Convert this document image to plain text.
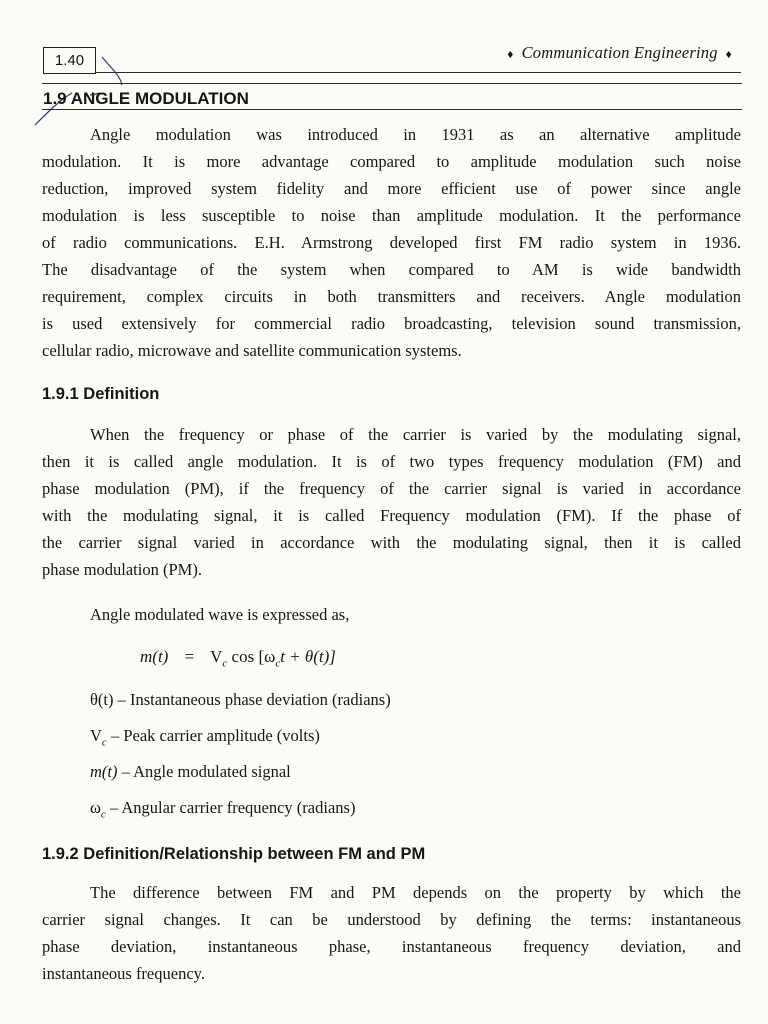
1.40	♦ Communication Engineering ♦
1.9 ANGLE MODULATION
Angle modulation was introduced in 1931 as an alternative amplitude
modulation. It is more advantage compared to amplitude modulation such noise
reduction, improved system fidelity and more efficient use of power since angle
modulation is less susceptible to noise than amplitude modulation. It the performance
of radio communications. E.H. Armstrong developed first FM radio system in 1936.
The disadvantage of the system when compared to AM is wide bandwidth
requirement, complex circuits in both transmitters and receivers. Angle modulation
is used extensively for commercial radio broadcasting, television sound transmission,
cellular radio, microwave and satellite communication systems.
1.9.1 Definition
When the frequency or phase of the carrier is varied by the modulating signal,
then it is called angle modulation. It is of two types frequency modulation (FM) and
phase modulation (PM), if the frequency of the carrier signal is varied in accordance
with the modulating signal, it is called Frequency modulation (FM). If the phase of
the carrier signal varied in accordance with the modulating signal, then it is called
phase modulation (PM).
Angle modulated wave is expressed as,
$m(t) = V_c$ $\cos [\omega_ct + \theta(t)]$
θ(t) – Instantaneous phase deviation (radians)
$V_c$ – Peak carrier amplitude (volts)
m(t) – Angle modulated signal
$\omega_c$ – Angular carrier frequency (radians)
1.9.2 Definition/Relationship between FM and PM
The difference between FM and PM depends on the property by which the
carrier signal changes. It can be understood by defining the terms: instantaneous
phase deviation, instantaneous phase, instantaneous frequency deviation, and
instantaneous frequency.
